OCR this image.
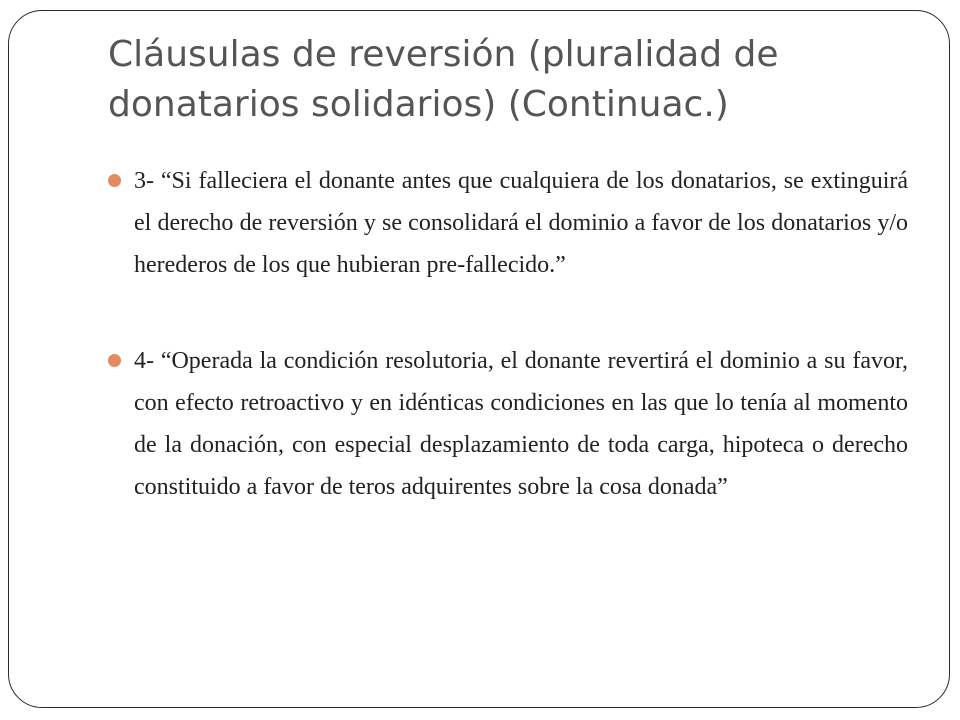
Cláusulas de reversión (pluralidad de donatarios solidarios) (Continuac.)
3- “Si falleciera el donante antes que cualquiera de los donatarios, se extinguirá el derecho de reversión y se consolidará el dominio a favor de los donatarios y/o herederos de los que hubieran pre-fallecido.”
4- “Operada la condición resolutoria, el donante revertirá el dominio a su favor, con efecto retroactivo y en idénticas condiciones en las que lo tenía al momento de la donación, con especial desplazamiento de toda carga, hipoteca o derecho constituido a favor de teros adquirentes sobre la cosa donada”
